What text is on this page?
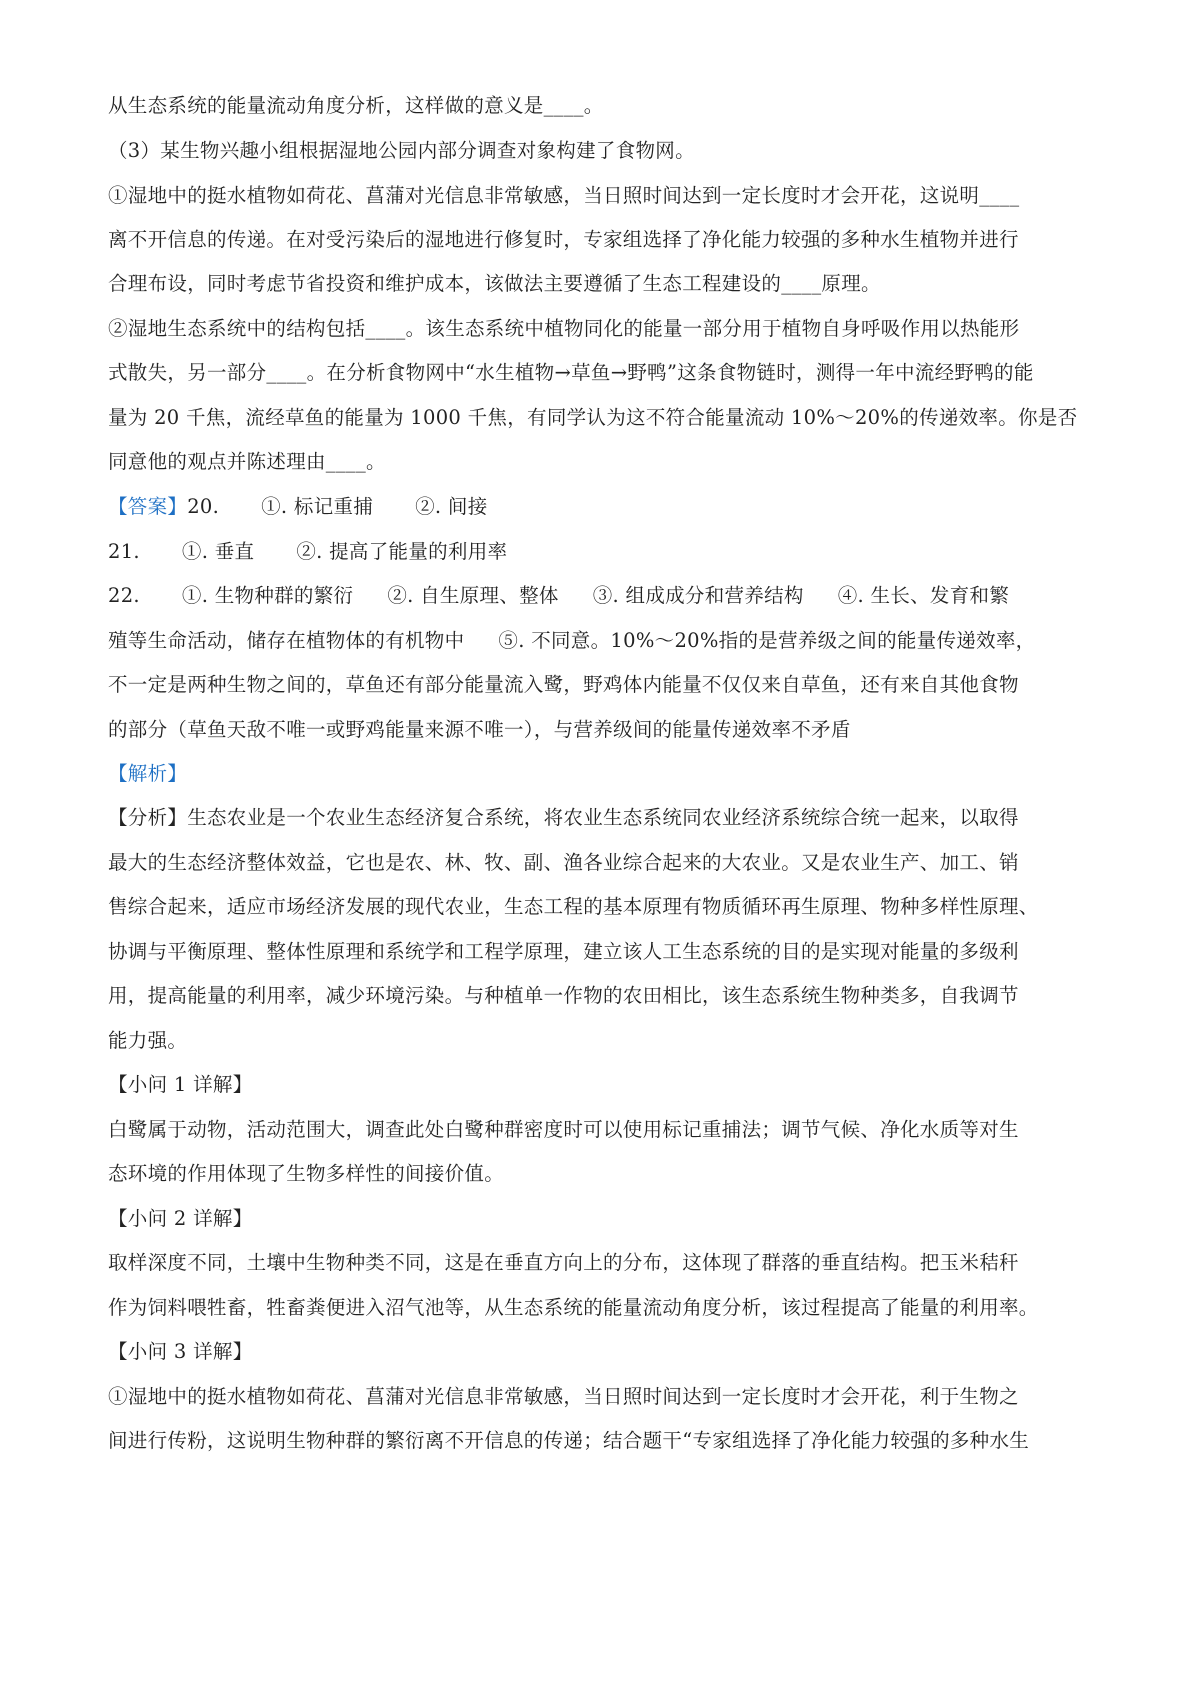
从生态系统的能量流动角度分析，这样做的意义是____。
（3）某生物兴趣小组根据湿地公园内部分调查对象构建了食物网。
①湿地中的挺水植物如荷花、菖蒲对光信息非常敏感，当日照时间达到一定长度时才会开花，这说明____
离不开信息的传递。在对受污染后的湿地进行修复时，专家组选择了净化能力较强的多种水生植物并进行
合理布设，同时考虑节省投资和维护成本，该做法主要遵循了生态工程建设的____原理。
②湿地生态系统中的结构包括____。该生态系统中植物同化的能量一部分用于植物自身呼吸作用以热能形
式散失，另一部分____。在分析食物网中“水生植物→草鱼→野鸭”这条食物链时，测得一年中流经野鸭的能
量为 20 千焦，流经草鱼的能量为 1000 千焦，有同学认为这不符合能量流动 10%～20%的传递效率。你是否
同意他的观点并陈述理由____。
【答案】20. ①. 标记重捕 ②. 间接
21. ①. 垂直 ②. 提高了能量的利用率
22. ①. 生物种群的繁衍 ②. 自生原理、整体 ③. 组成成分和营养结构 ④. 生长、发育和繁
殖等生命活动，储存在植物体的有机物中 ⑤. 不同意。10%～20%指的是营养级之间的能量传递效率，
不一定是两种生物之间的，草鱼还有部分能量流入鹭，野鸡体内能量不仅仅来自草鱼，还有来自其他食物
的部分（草鱼天敌不唯一或野鸡能量来源不唯一），与营养级间的能量传递效率不矛盾
【解析】
【分析】生态农业是一个农业生态经济复合系统，将农业生态系统同农业经济系统综合统一起来，以取得
最大的生态经济整体效益，它也是农、林、牧、副、渔各业综合起来的大农业。又是农业生产、加工、销
售综合起来，适应市场经济发展的现代农业，生态工程的基本原理有物质循环再生原理、物种多样性原理、
协调与平衡原理、整体性原理和系统学和工程学原理，建立该人工生态系统的目的是实现对能量的多级利
用，提高能量的利用率，减少环境污染。与种植单一作物的农田相比，该生态系统生物种类多，自我调节
能力强。
【小问 1 详解】
白鹭属于动物，活动范围大，调查此处白鹭种群密度时可以使用标记重捕法；调节气候、净化水质等对生
态环境的作用体现了生物多样性的间接价值。
【小问 2 详解】
取样深度不同，土壤中生物种类不同，这是在垂直方向上的分布，这体现了群落的垂直结构。把玉米秸秆
作为饲料喂牲畜，牲畜粪便进入沼气池等，从生态系统的能量流动角度分析，该过程提高了能量的利用率。
【小问 3 详解】
①湿地中的挺水植物如荷花、菖蒲对光信息非常敏感，当日照时间达到一定长度时才会开花，利于生物之
间进行传粉，这说明生物种群的繁衍离不开信息的传递；结合题干“专家组选择了净化能力较强的多种水生
